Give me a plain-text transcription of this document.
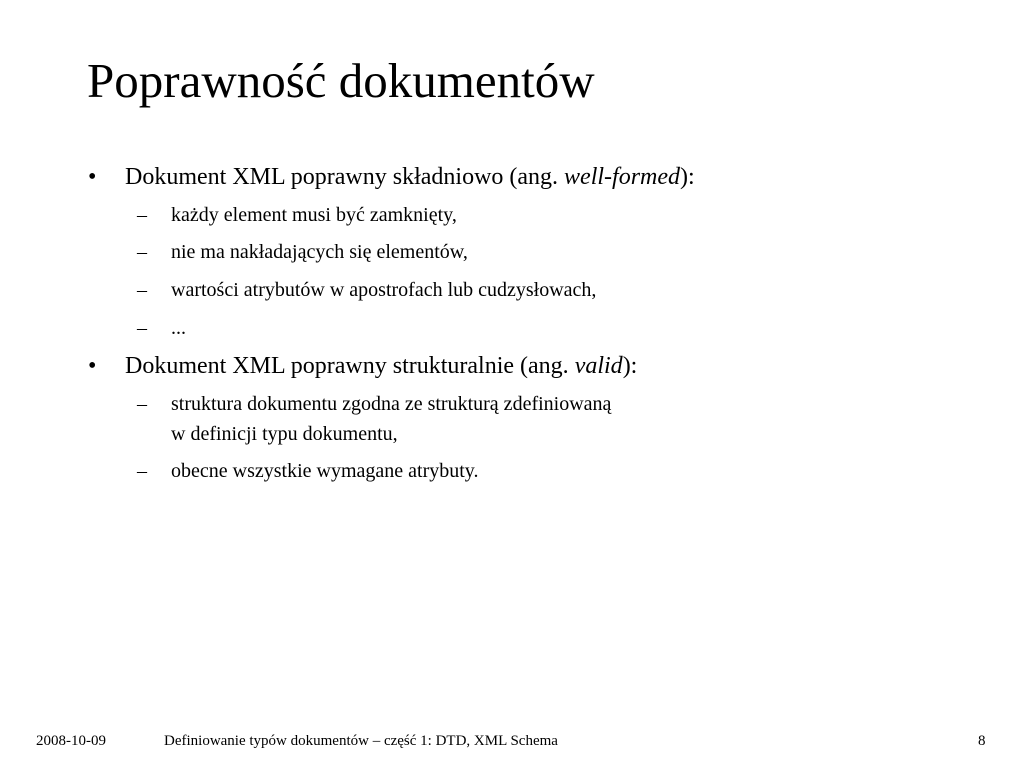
Poprawność dokumentów
• Dokument XML poprawny składniowo (ang. well-formed):
– każdy element musi być zamknięty,
– nie ma nakładających się elementów,
– wartości atrybutów w apostrofach lub cudzysłowach,
– ...
• Dokument XML poprawny strukturalnie (ang. valid):
– struktura dokumentu zgodna ze strukturą zdefiniowaną
w definicji typu dokumentu,
– obecne wszystkie wymagane atrybuty.
2008-10-09	Definiowanie typów dokumentów – część 1: DTD, XML Schema	8
